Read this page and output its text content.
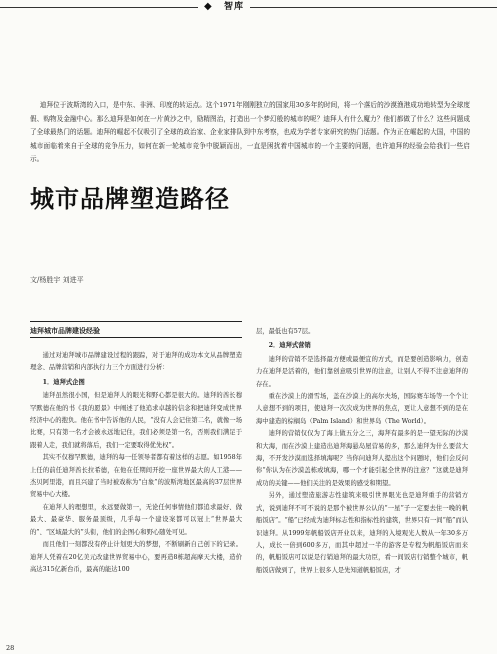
◆ 智库

迪拜位于波斯湾的入口，是中东、非洲、印度的转运点。这个1971年刚刚独立的国家用30多年的时间，将一个落后的沙漠渔港成功地转型为全球度假、购物及金融中心。那么迪拜是如何在一片黄沙之中，励精图治，打造出一个梦幻般的城市的呢？迪拜人有什么魔力？他们都做了什么？这些问题成了全球最热门的话题。迪拜的崛起不仅吸引了全球的政治家、企业家排队到中东考察，也成为学者专家研究的热门话题。作为正在崛起的大国，中国的城市面临着来自于全球的竞争压力，如何在新一轮城市竞争中脱颖而出，一直是困扰着中国城市的一个主要的问题，也许迪拜的经验会给我们一些启示。

城市品牌塑造路径
文/杨胜宇 刘进平
迪拜城市品牌建设经验

通过对迪拜城市品牌建设过程的跟踪，对于迪拜的成功本文从品牌塑造理念、品牌营销和内部执行力三个方面进行分析：

1．迪拜式企图

迪拜虽然很小国，但是迪拜人的眼光和野心都是很大的。迪拜的酋长穆罕默德在他的书《我的愿景》中阐述了他追求卓越的信念和把迪拜变成世界经济中心的抱负。他在书中告诉他的人民，“没有人会记住第二名，就像一场比赛，只有第一名才会被永远地记住，我们必须是第一名，否则我们满足于跟着人走，我们就将落后，我们一定要取得优先权”。

其实不仅穆罕默德，迪拜的每一任领导者都有着这样的志愿。如1958年上任的前任迪拜酋长拉希德，在他在任期间开挖一座世界最大的人工港——杰贝阿里港，而且兴建了当时被戏称为“白象”的波斯湾地区最高的37层世界贸易中心大楼。

在迪拜人的理想里，永远要做第一，无论任何事情他们都追求最好、做最大、最豪华、服务最顶级，几乎每一个建设案都可以冠上“世界最大的”、“区域最大的”头衔，他们的企图心和野心随处可见。

而且他们一刻都没有停止计划更大的梦想，不断刷新自己创下的记录。迪拜人凭着在20亿美元改建世界贸易中心，要再造8栋超高摩天大楼，造价高达315亿新台币，最高的能达100

层，最低也有57层。

2．迪拜式营销

迪拜的营销不是选择最方便或最便宜的方式，而是要创造影响力，创造力在迪拜是活着的，他们靠创意吸引世界的注意，让别人不得不注意迪拜的存在。

重在沙漠上的滑雪场，盖在沙漠上的高尔夫场，国际赛车场等一个个让人意想不到的项目，使迪拜一次次成为世界的焦点，更让人意想不到的是在海中建造的棕榈岛（Palm Island）和世界岛（The World）。

迪拜的营销仅仅为了海上做五分之三，海拜有最多的是一望无际的沙漠和大海，而在沙漠上建造出迪拜海悬岛屋营易的多，那么迪拜为什么要营大海，不开发沙漠而选择填海呢？当你问迪拜人提出这个问题时，他们会反问你“你认为在沙漠盖栋或填海，哪一个才能引起全世界的注意？”这就是迪拜成功的关键——他们关注的是效果的感受和期望。

另外，通过塑造旅游志性建筑来吸引世界眼光也是迪拜重手的营销方式，说到迪拜不可不说的是那个被世界公认的“一星”子一定要去住一晚的帆船饭店”。“船”已经成为迪拜标志性和指标性的建筑，世界只有一间“船”而认识迪拜。从1999年帆船饭店开业以来，迪拜的入境观光人数从一年30多万人，成长一倍到600多万，而其中超过一半的游客是专程为帆船饭店而来的，帆船饭店可以说是行销迪拜的最大功臣，看一间饭店行销整个城市，帆船饭店做到了，世界上很多人是先知道帆船饭店，才

28
